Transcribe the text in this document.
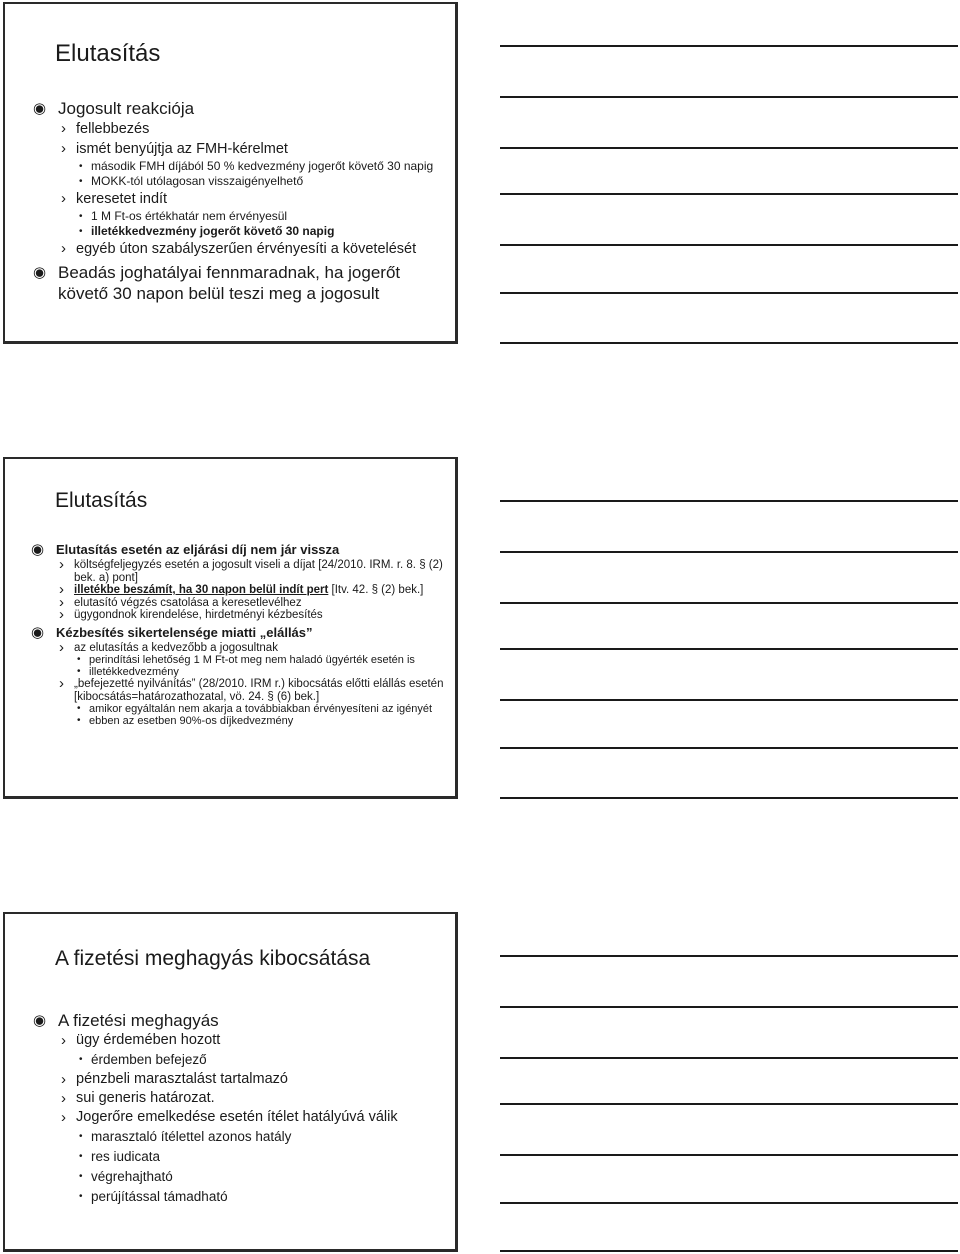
Elutasítás
◉ Jogosult reakciója
› fellebbezés
› ismét benyújtja az FMH-kérelmet
• második FMH díjából 50 % kedvezmény jogerőt követő 30 napig
• MOKK-tól utólagosan visszaigényelhető
› keresetet indít
• 1 M Ft-os értékhatár nem érvényesül
• illetékkedvezmény jogerőt követő 30 napig
› egyéb úton szabályszerűen érvényesíti a követelését
◉ Beadás joghatályai fennmaradnak, ha jogerőt követő 30 napon belül teszi meg a jogosult
Elutasítás
◉ Elutasítás esetén az eljárási díj nem jár vissza
› költségfeljegyzés esetén a jogosult viseli a díjat [24/2010. IRM. r. 8. § (2) bek. a) pont]
› illetékbe beszámít, ha 30 napon belül indít pert [Itv. 42. § (2) bek.]
› elutasító végzés csatolása a keresetlevélhez
› ügygondnok kirendelése, hirdetményi kézbesítés
◉ Kézbesítés sikertelensége miatti „elállás”
› az elutasítás a kedvezőbb a jogosultnak
• perindítási lehetőség 1 M Ft-ot meg nem haladó ügyérték esetén is
• illetékkedvezmény
› „befejezetté nyilvánítás” (28/2010. IRM r.) kibocsátás előtti elállás esetén [kibocsátás=határozathozatal, vö. 24. § (6) bek.]
• amikor egyáltalán nem akarja a továbbiakban érvényesíteni az igényét
• ebben az esetben 90%-os díjkedvezmény
A fizetési meghagyás kibocsátása
◉ A fizetési meghagyás
› ügy érdemében hozott
• érdemben befejező
› pénzbeli marasztalást tartalmazó
› sui generis határozat.
› Jogerőre emelkedése esetén ítélet hatályúvá válik
• marasztaló ítélettel azonos hatály
• res iudicata
• végrehajtható
• perújítással támadható
